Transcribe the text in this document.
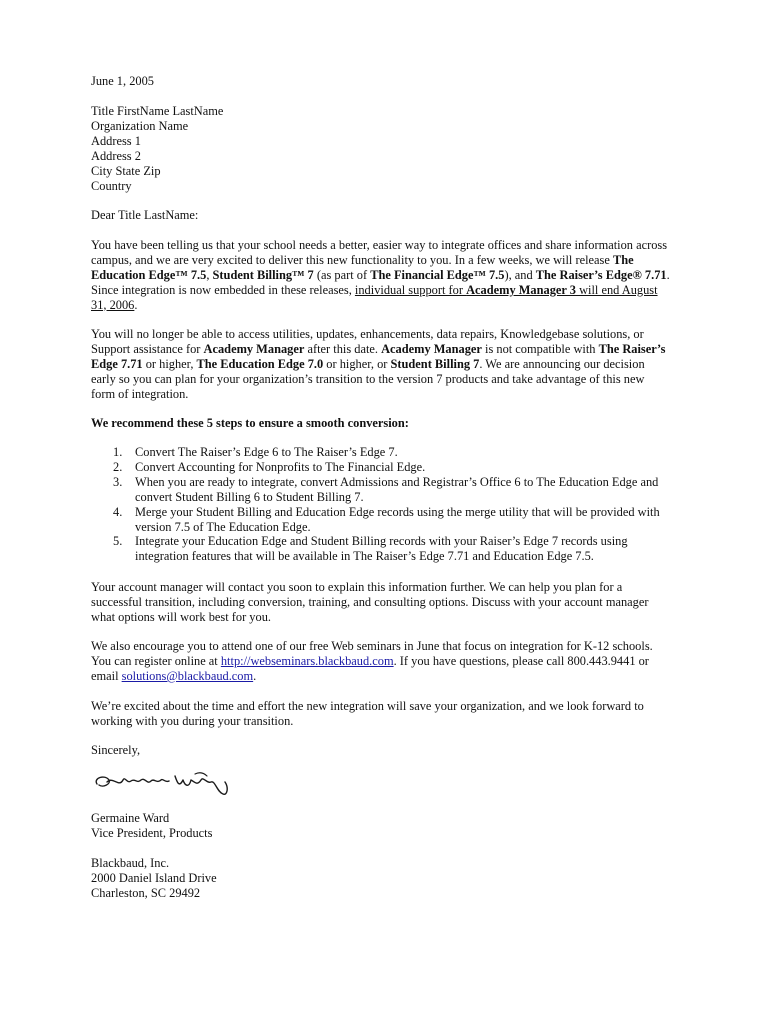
June 1, 2005
Title FirstName LastName
Organization Name
Address 1
Address 2
City State Zip
Country
Dear Title LastName:
You have been telling us that your school needs a better, easier way to integrate offices and share information across
campus, and we are very excited to deliver this new functionality to you. In a few weeks, we will release The
Education Edge™ 7.5, Student Billing™ 7 (as part of The Financial Edge™ 7.5), and The Raiser’s Edge® 7.71.
Since integration is now embedded in these releases, individual support for Academy Manager 3 will end August
31, 2006.
You will no longer be able to access utilities, updates, enhancements, data repairs, Knowledgebase solutions, or
Support assistance for Academy Manager after this date. Academy Manager is not compatible with The Raiser’s
Edge 7.71 or higher, The Education Edge 7.0 or higher, or Student Billing 7. We are announcing our decision
early so you can plan for your organization’s transition to the version 7 products and take advantage of this new
form of integration.
We recommend these 5 steps to ensure a smooth conversion:
1. Convert The Raiser’s Edge 6 to The Raiser’s Edge 7.
2. Convert Accounting for Nonprofits to The Financial Edge.
3. When you are ready to integrate, convert Admissions and Registrar’s Office 6 to The Education Edge and
convert Student Billing 6 to Student Billing 7.
4. Merge your Student Billing and Education Edge records using the merge utility that will be provided with
version 7.5 of The Education Edge.
5. Integrate your Education Edge and Student Billing records with your Raiser’s Edge 7 records using
integration features that will be available in The Raiser’s Edge 7.71 and Education Edge 7.5.
Your account manager will contact you soon to explain this information further. We can help you plan for a
successful transition, including conversion, training, and consulting options. Discuss with your account manager
what options will work best for you.
We also encourage you to attend one of our free Web seminars in June that focus on integration for K-12 schools.
You can register online at http://webseminars.blackbaud.com. If you have questions, please call 800.443.9441 or
email solutions@blackbaud.com.
We’re excited about the time and effort the new integration will save your organization, and we look forward to
working with you during your transition.
Sincerely,
Germaine Ward
Vice President, Products
Blackbaud, Inc.
2000 Daniel Island Drive
Charleston, SC 29492
